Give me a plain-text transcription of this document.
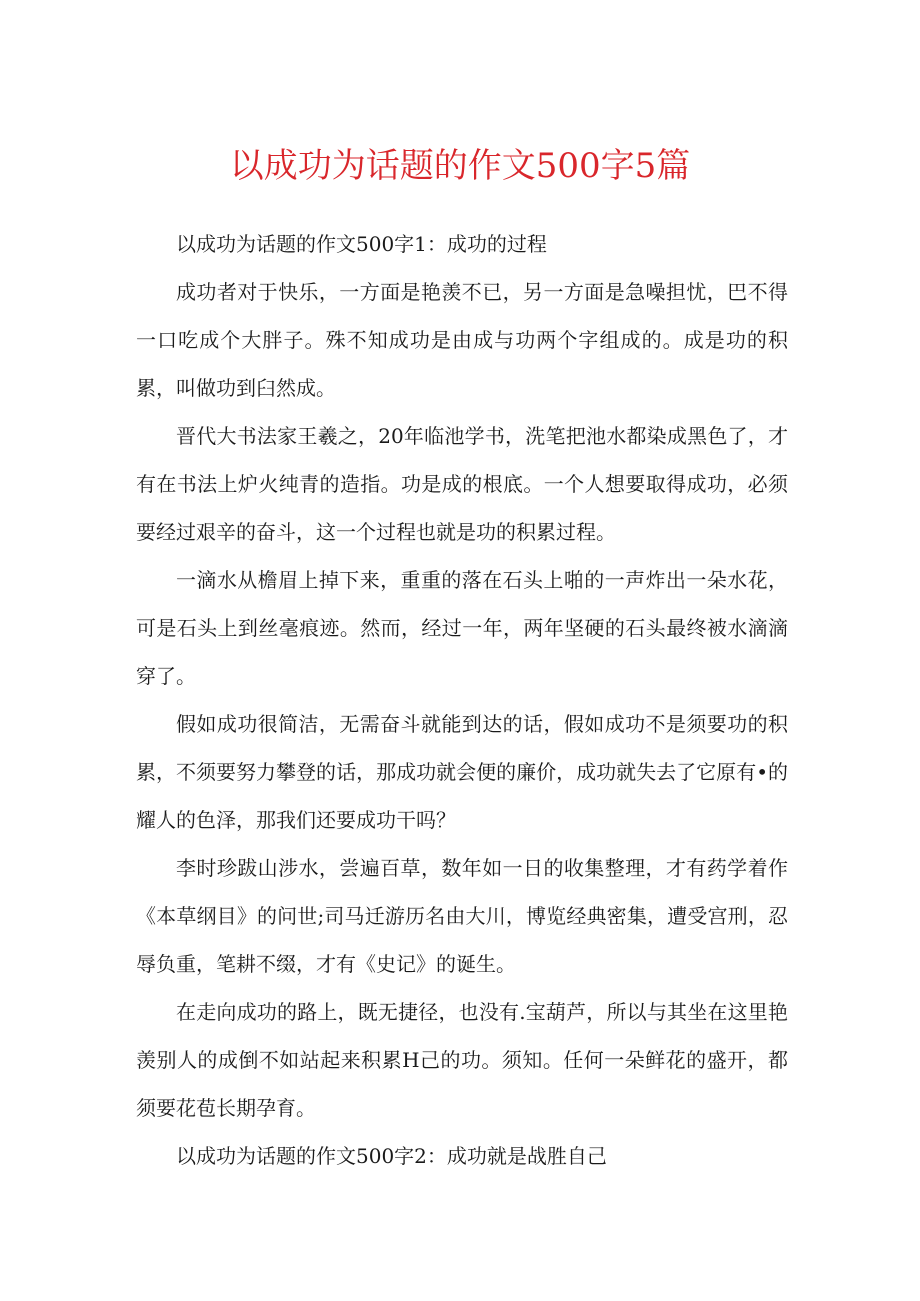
以成功为话题的作文500字5篇

以成功为话题的作文500字1：成功的过程

成功者对于快乐，一方面是艳羡不已，另一方面是急噪担忧，巴不得一口吃成个大胖子。殊不知成功是由成与功两个字组成的。成是功的积累，叫做功到臼然成。

晋代大书法家王羲之，20年临池学书，洗笔把池水都染成黑色了，才有在书法上炉火纯青的造指。功是成的根底。一个人想要取得成功，必须要经过艰辛的奋斗，这一个过程也就是功的积累过程。

一滴水从檐眉上掉下来，重重的落在石头上啪的一声炸出一朵水花，可是石头上到丝毫痕迹。然而，经过一年，两年坚硬的石头最终被水滴滴穿了。

假如成功很简洁，无需奋斗就能到达的话，假如成功不是须要功的积累，不须要努力攀登的话，那成功就会便的廉价，成功就失去了它原有•的耀人的色泽，那我们还要成功干吗？

李时珍跋山涉水，尝遍百草，数年如一日的收集整理，才有药学着作《本草纲目》的问世;司马迁游历名由大川，博览经典密集，遭受宫刑，忍辱负重，笔耕不缀，才有《史记》的诞生。

在走向成功的路上，既无捷径，也没有.宝葫芦，所以与其坐在这里艳羡别人的成倒不如站起来积累H己的功。须知。任何一朵鲜花的盛开，都须要花苞长期孕育。

以成功为话题的作文500字2：成功就是战胜自己
